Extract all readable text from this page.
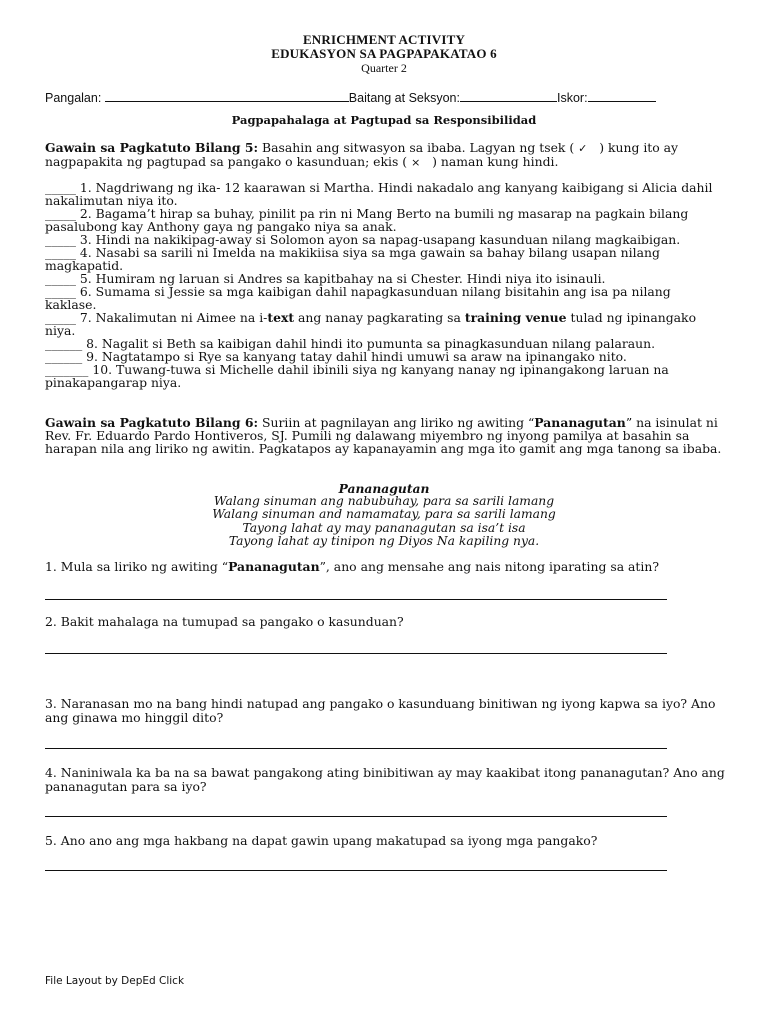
ENRICHMENT ACTIVITY
EDUKASYON SA PAGPAPAKATAO 6
Quarter 2
Pangalan:	Baitang at Seksyon:	Iskor:
Pagpapahalaga at Pagtupad sa Responsibilidad

Gawain sa Pagkatuto Bilang 5: Basahin ang sitwasyon sa ibaba. Lagyan ng tsek ( ✓ ) kung ito ay nagpapakita ng pagtupad sa pangako o kasunduan; ekis ( × ) naman kung hindi.

_____ 1. Nagdriwang ng ika- 12 kaarawan si Martha. Hindi nakadalo ang kanyang kaibigang si Alicia dahil nakalimutan niya ito.

_____ 2. Bagama’t hirap sa buhay, pinilit pa rin ni Mang Berto na bumili ng masarap na pagkain bilang pasalubong kay Anthony gaya ng pangako niya sa anak.

_____ 3. Hindi na nakikipag-away si Solomon ayon sa napag-usapang kasunduan nilang magkaibigan.

_____ 4. Nasabi sa sarili ni Imelda na makikiisa siya sa mga gawain sa bahay bilang usapan nilang magkapatid.

_____ 5. Humiram ng laruan si Andres sa kapitbahay na si Chester. Hindi niya ito isinauli.

_____ 6. Sumama si Jessie sa mga kaibigan dahil napagkasunduan nilang bisitahin ang isa pa nilang kaklase.

_____ 7. Nakalimutan ni Aimee na i-text ang nanay pagkarating sa training venue tulad ng ipinangako niya.

______ 8. Nagalit si Beth sa kaibigan dahil hindi ito pumunta sa pinagkasunduan nilang palaraun.

______ 9. Nagtatampo si Rye sa kanyang tatay dahil hindi umuwi sa araw na ipinangako nito.

_______ 10. Tuwang-tuwa si Michelle dahil ibinili siya ng kanyang nanay ng ipinangakong laruan na pinakapangarap niya.

Gawain sa Pagkatuto Bilang 6: Suriin at pagnilayan ang liriko ng awiting “Pananagutan” na isinulat ni Rev. Fr. Eduardo Pardo Hontiveros, SJ. Pumili ng dalawang miyembro ng inyong pamilya at basahin sa harapan nila ang liriko ng awitin. Pagkatapos ay kapanayamin ang mga ito gamit ang mga tanong sa ibaba.

Pananagutan
Walang sinuman ang nabubuhay, para sa sarili lamang
Walang sinuman and namamatay, para sa sarili lamang
Tayong lahat ay may pananagutan sa isa’t isa
Tayong lahat ay tinipon ng Diyos Na kapiling nya.
1. Mula sa liriko ng awiting “Pananagutan”, ano ang mensahe ang nais nitong iparating sa atin?
2. Bakit mahalaga na tumupad sa pangako o kasunduan?
3. Naranasan mo na bang hindi natupad ang pangako o kasunduang binitiwan ng iyong kapwa sa iyo? Ano ang ginawa mo hinggil dito?
4. Naniniwala ka ba na sa bawat pangakong ating binibitiwan ay may kaakibat itong pananagutan? Ano ang pananagutan para sa iyo?
5. Ano ano ang mga hakbang na dapat gawin upang makatupad sa iyong mga pangako?
File Layout by DepEd Click
